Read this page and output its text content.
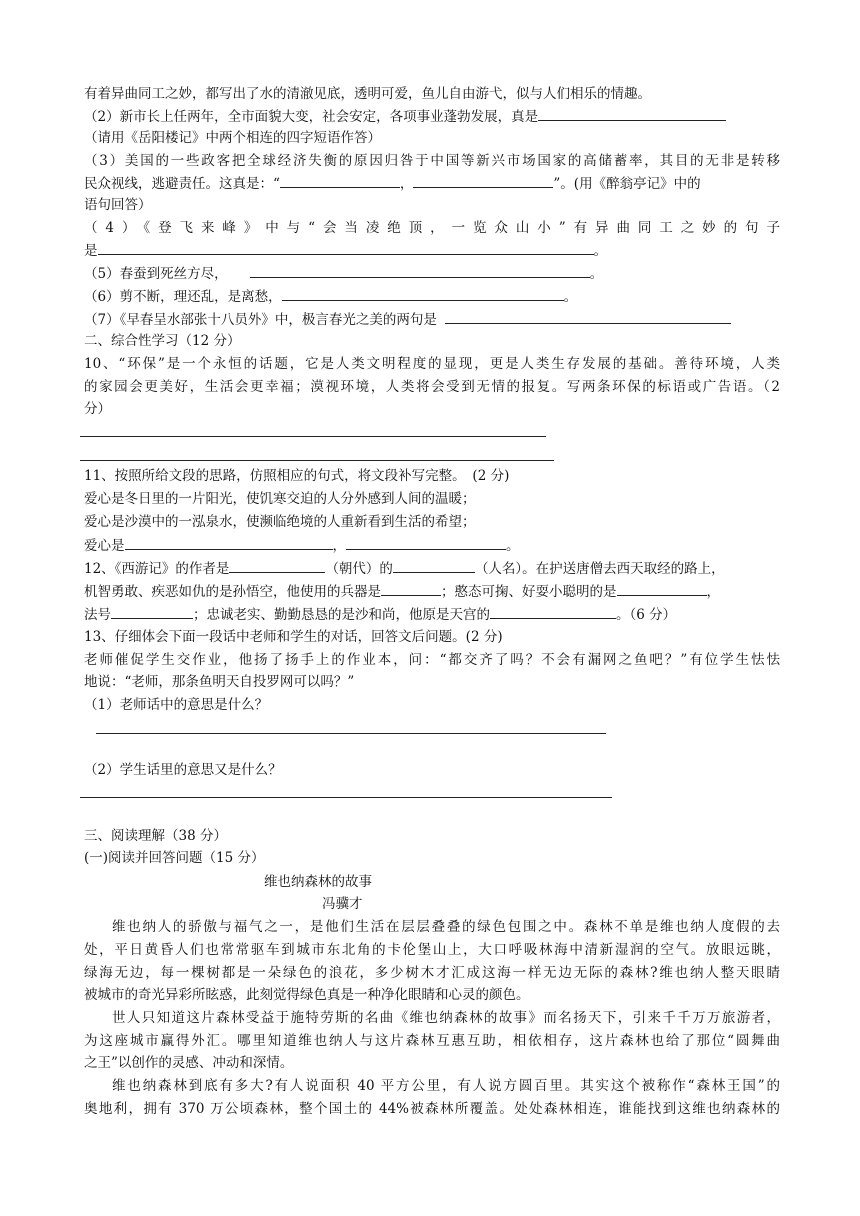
有着异曲同工之妙，都写出了水的清澈见底，透明可爱，鱼儿自由游弋，似与人们相乐的情趣。
（2）新市长上任两年，全市面貌大变，社会安定，各项事业蓬勃发展，真是
（请用《岳阳楼记》中两个相连的四字短语作答）
（3）美国的一些政客把全球经济失衡的原因归咎于中国等新兴市场国家的高储蓄率，其目的无非是转移
民众视线，逃避责任。这真是：“	，	”。(用《醉翁亭记》中的
语句回答）
（4）《登飞来峰》中与“会当凌绝顶，一览众山小”有异曲同工之妙的句子
是	。
（5）春蚕到死丝方尽，	。
（6）剪不断，理还乱，是离愁，	。
（7）《早春呈水部张十八员外》中，极言春光之美的两句是
二、综合性学习（12 分）
10、“环保”是一个永恒的话题，它是人类文明程度的显现，更是人类生存发展的基础。善待环境，人类
的家园会更美好，生活会更幸福；漠视环境，人类将会受到无情的报复。写两条环保的标语或广告语。（2
分）
11、按照所给文段的思路，仿照相应的句式，将文段补写完整。　(2 分)
爱心是冬日里的一片阳光，使饥寒交迫的人分外感到人间的温暖；
爱心是沙漠中的一泓泉水，使濒临绝境的人重新看到生活的希望；
爱心是	，	。
12、《西游记》的作者是	（朝代）的	（人名）。在护送唐僧去西天取经的路上，
机智勇敢、疾恶如仇的是孙悟空，他使用的兵器是	；憨态可掬、好耍小聪明的是	，
法号	；忠诚老实、勤勤恳恳的是沙和尚，他原是天宫的	。（6 分）
13、仔细体会下面一段话中老师和学生的对话，回答文后问题。(2 分)
老师催促学生交作业，他扬了扬手上的作业本，问：“都交齐了吗？不会有漏网之鱼吧？”有位学生怯怯
地说：“老师，那条鱼明天自投罗网可以吗？”
（1）老师话中的意思是什么？
（2）学生话里的意思又是什么？
三、阅读理解（38 分）
(一)阅读并回答问题（15 分）
维也纳森林的故事
冯骥才
维也纳人的骄傲与福气之一，是他们生活在层层叠叠的绿色包围之中。森林不单是维也纳人度假的去
处，平日黄昏人们也常常驱车到城市东北角的卡伦堡山上，大口呼吸林海中清新湿润的空气。放眼远眺，
绿海无边，每一棵树都是一朵绿色的浪花，多少树木才汇成这海一样无边无际的森林?维也纳人整天眼睛
被城市的奇光异彩所眩惑，此刻觉得绿色真是一种净化眼睛和心灵的颜色。
世人只知道这片森林受益于施特劳斯的名曲《维也纳森林的故事》而名扬天下，引来千千万万旅游者，
为这座城市赢得外汇。哪里知道维也纳人与这片森林互惠互助，相依相存，这片森林也给了那位“圆舞曲
之王”以创作的灵感、冲动和深情。
维也纳森林到底有多大?有人说面积 40 平方公里，有人说方圆百里。其实这个被称作“森林王国”的
奥地利，拥有 370 万公顷森林，整个国土的 44%被森林所覆盖。处处森林相连，谁能找到这维也纳森林的
